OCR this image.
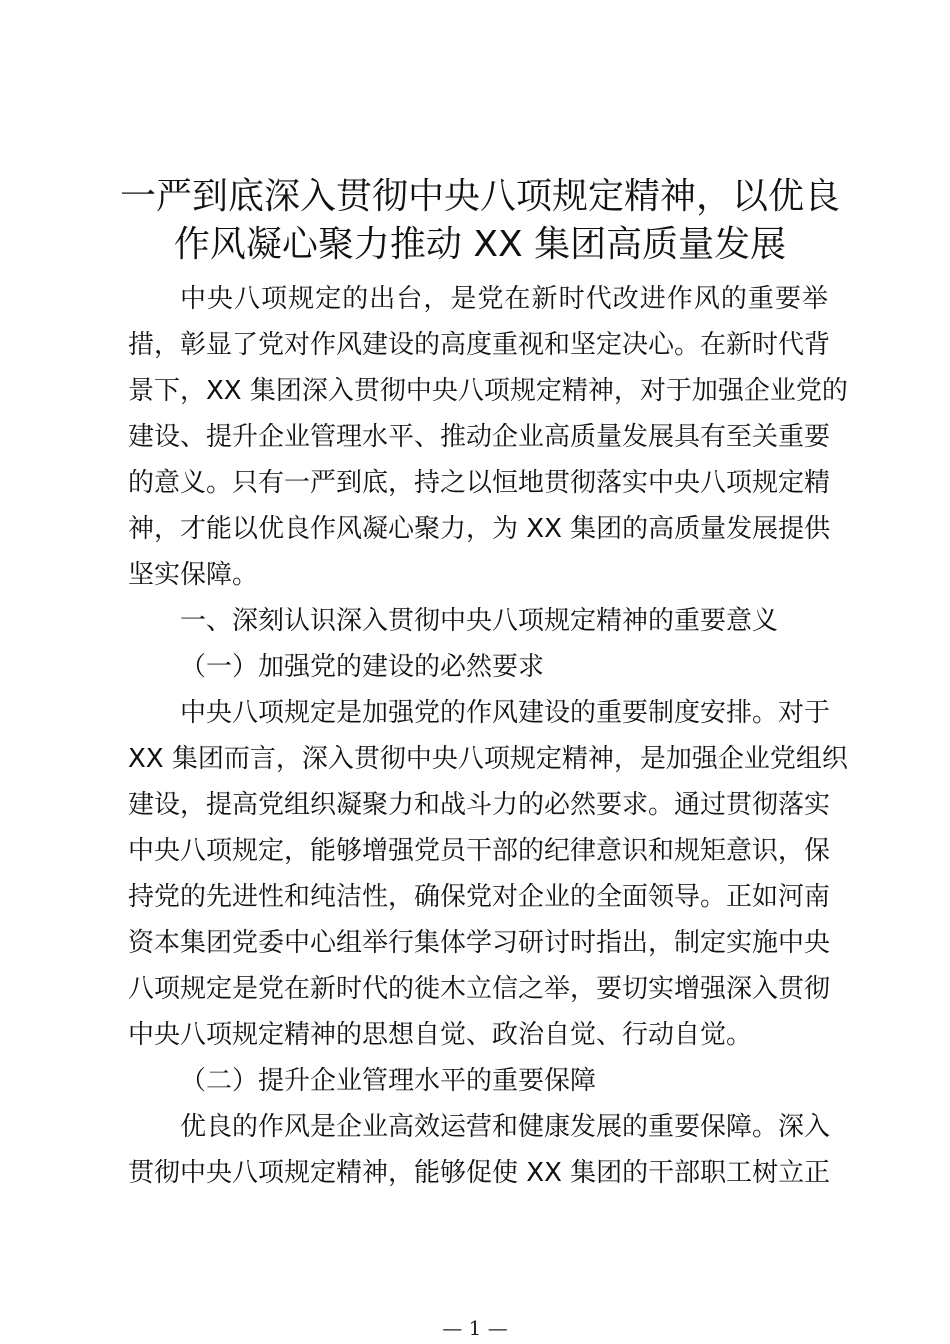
一严到底深入贯彻中央八项规定精神，以优良
作风凝心聚力推动 XX 集团高质量发展
中央八项规定的出台，是党在新时代改进作风的重要举
措，彰显了党对作风建设的高度重视和坚定决心。在新时代背
景下，XX 集团深入贯彻中央八项规定精神，对于加强企业党的
建设、提升企业管理水平、推动企业高质量发展具有至关重要
的意义。只有一严到底，持之以恒地贯彻落实中央八项规定精
神，才能以优良作风凝心聚力，为 XX 集团的高质量发展提供
坚实保障。
一、深刻认识深入贯彻中央八项规定精神的重要意义
（一）加强党的建设的必然要求
中央八项规定是加强党的作风建设的重要制度安排。对于
XX 集团而言，深入贯彻中央八项规定精神，是加强企业党组织
建设，提高党组织凝聚力和战斗力的必然要求。通过贯彻落实
中央八项规定，能够增强党员干部的纪律意识和规矩意识，保
持党的先进性和纯洁性，确保党对企业的全面领导。正如河南
资本集团党委中心组举行集体学习研讨时指出，制定实施中央
八项规定是党在新时代的徙木立信之举，要切实增强深入贯彻
中央八项规定精神的思想自觉、政治自觉、行动自觉。
（二）提升企业管理水平的重要保障
优良的作风是企业高效运营和健康发展的重要保障。深入
贯彻中央八项规定精神，能够促使 XX 集团的干部职工树立正
— 1 —
